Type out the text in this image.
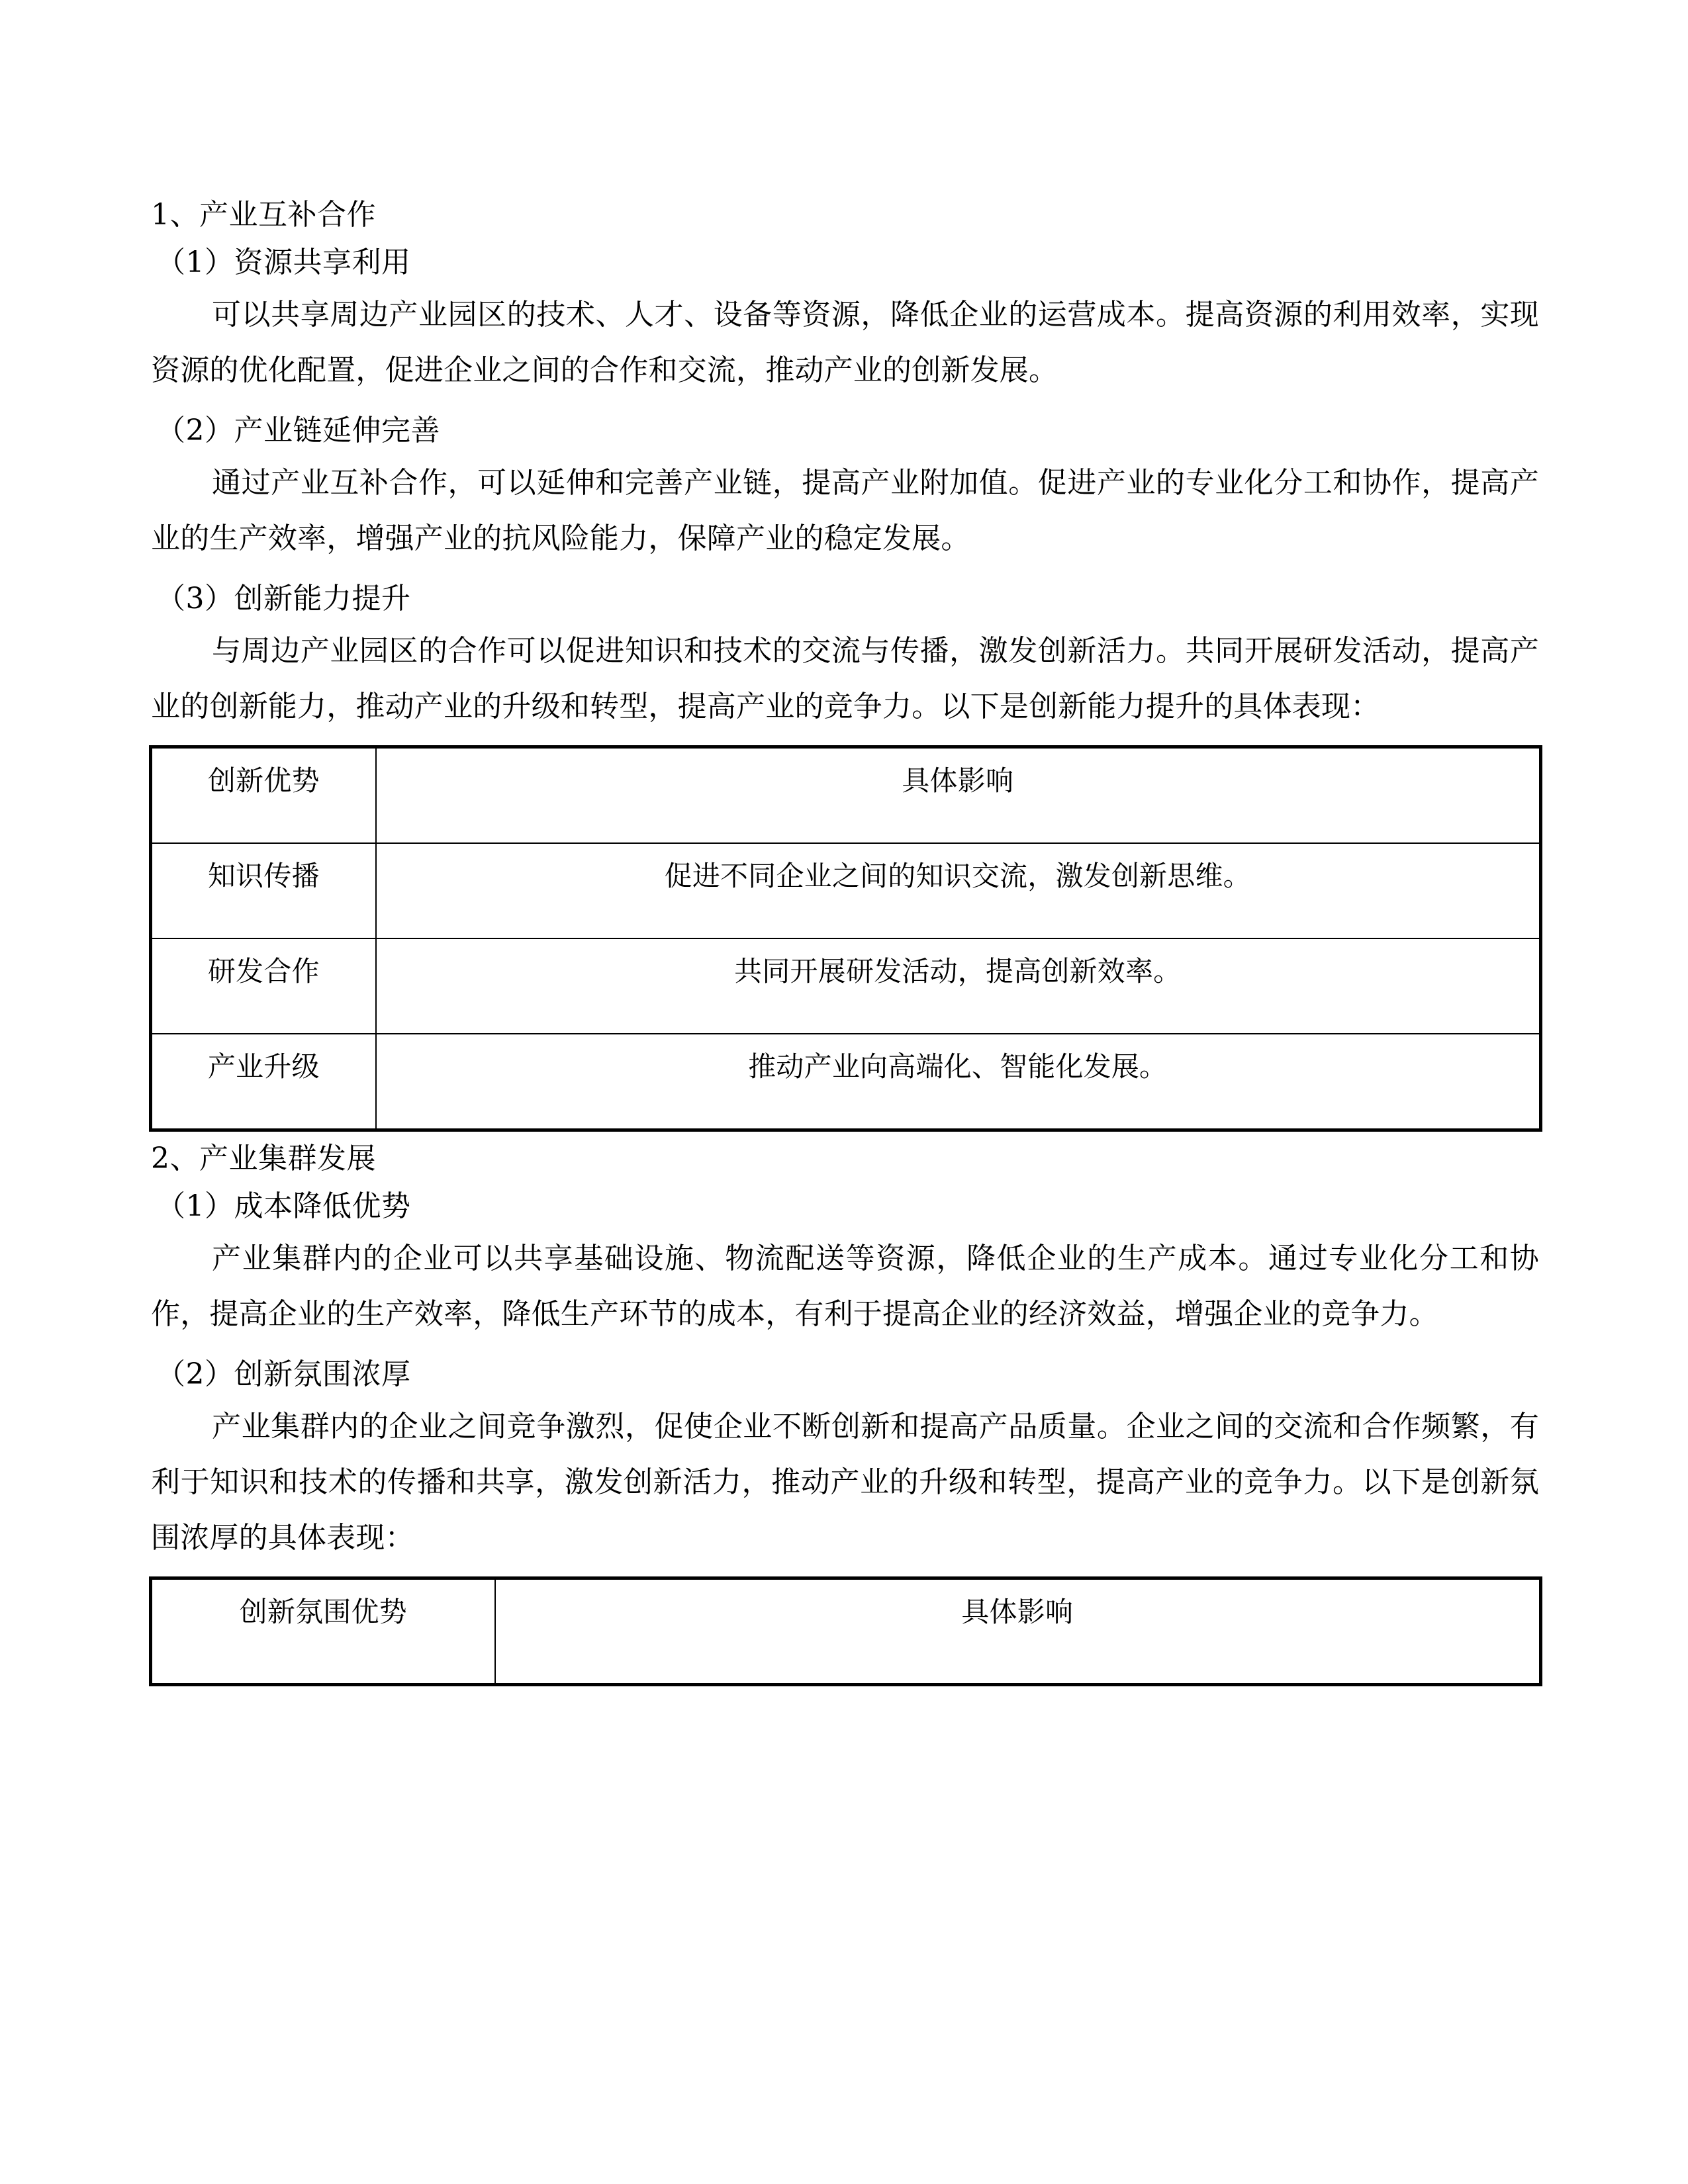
1、产业互补合作

（1）资源共享利用

可以共享周边产业园区的技术、人才、设备等资源，降低企业的运营成本。提高资源的利用效率，实现资源的优化配置，促进企业之间的合作和交流，推动产业的创新发展。

（2）产业链延伸完善

通过产业互补合作，可以延伸和完善产业链，提高产业附加值。促进产业的专业化分工和协作，提高产业的生产效率，增强产业的抗风险能力，保障产业的稳定发展。

（3）创新能力提升

与周边产业园区的合作可以促进知识和技术的交流与传播，激发创新活力。共同开展研发活动，提高产业的创新能力，推动产业的升级和转型，提高产业的竞争力。以下是创新能力提升的具体表现：

创新优势	具体影响
知识传播	促进不同企业之间的知识交流，激发创新思维。
研发合作	共同开展研发活动，提高创新效率。
产业升级	推动产业向高端化、智能化发展。

2、产业集群发展

（1）成本降低优势

产业集群内的企业可以共享基础设施、物流配送等资源，降低企业的生产成本。通过专业化分工和协作，提高企业的生产效率，降低生产环节的成本，有利于提高企业的经济效益，增强企业的竞争力。

（2）创新氛围浓厚

产业集群内的企业之间竞争激烈，促使企业不断创新和提高产品质量。企业之间的交流和合作频繁，有利于知识和技术的传播和共享，激发创新活力，推动产业的升级和转型，提高产业的竞争力。以下是创新氛围浓厚的具体表现：

创新氛围优势	具体影响
